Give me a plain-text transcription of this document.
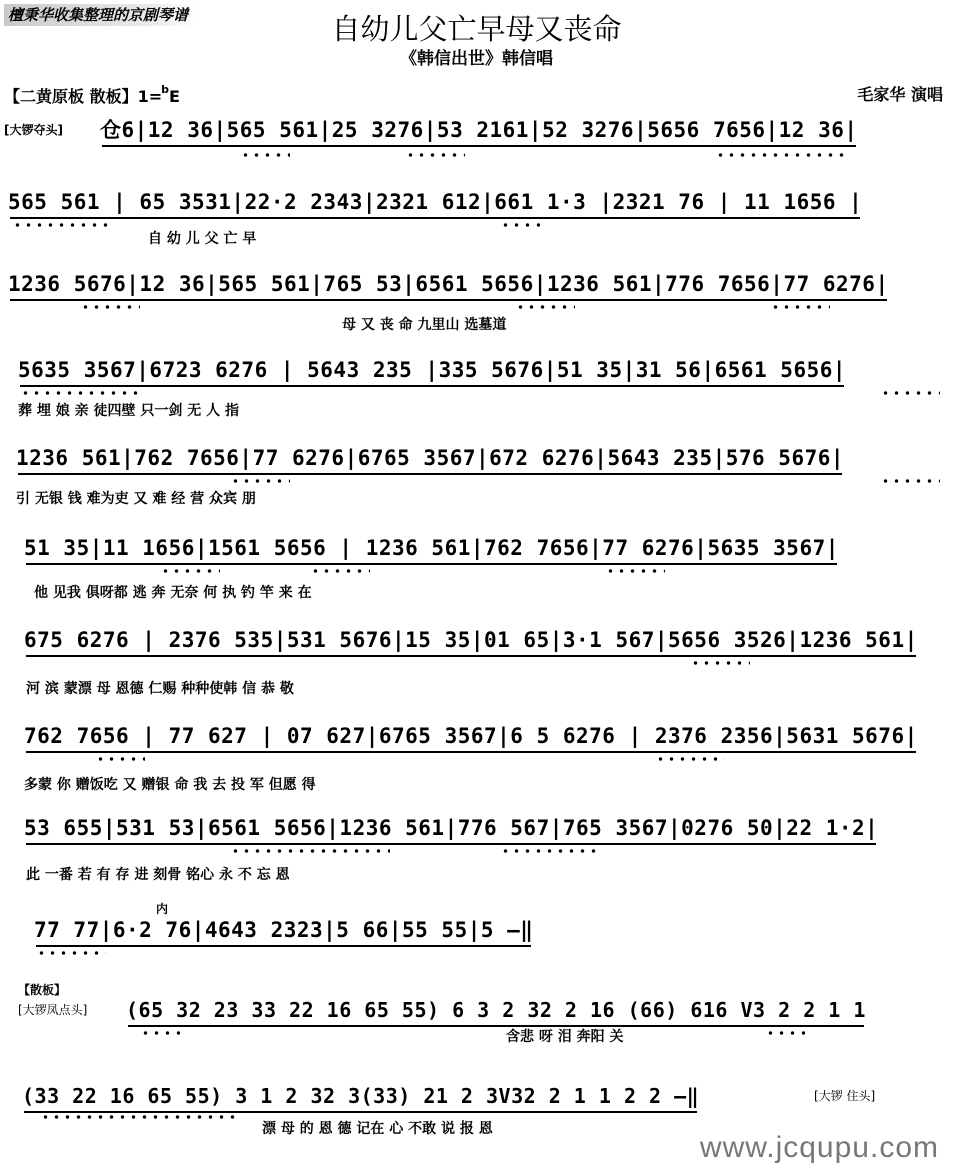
檀秉华收集整理的京剧琴谱	自幼儿父亡早母又丧命
《韩信出世》韩信唱
【二黄原板 散板】1=$^b$E	毛家华 演唱
[大锣夺头] 仓6|12 36|565 561|25 3276|53 2161|52 3276|5656 7656|12 36|
565 561 | 65 3531|22·2 2343|2321 612|661 1·3 |2321 76 | 11 1656 |
自 幼 儿 父 亡 早
1236 5676|12 36|565 561|765 53|6561 5656|1236 561|776 7656|77 6276|
母 又 丧 命 九里山 选墓道
5635 3567|6723 6276 | 5643 235 |335 5676|51 35|31 56|6561 5656|
葬 埋 娘 亲 徒四壁 只一剑 无 人 指
1236 561|762 7656|77 6276|6765 3567|672 6276|5643 235|576 5676|
引 无银 钱 难为吏 又 难 经 营 众宾 朋
51 35|11 1656|1561 5656 | 1236 561|762 7656|77 6276|5635 3567|
他 见我 俱呀都 逃 奔 无奈 何 执 钓 竿 来 在
675 6276 | 2376 535|531 5676|15 35|01 65|3·1 567|5656 3526|1236 561|
河 滨 蒙漂 母 恩德 仁赐 种种使韩 信 恭 敬
762 7656 | 77 627 | 07 627|6765 3567|6 5 6276 | 2376 2356|5631 5676|
多蒙 你 赠饭吃 又 赠银 命 我 去 投 军 但愿 得
53 655|531 53|6561 5656|1236 561|776 567|765 3567|0276 50|22 1·2|
此 一番 若 有 存 进 刻骨 铭心 永 不 忘 恩
内
77 77|6·2 76|4643 2323|5 66|55 55|5 –‖
【散板】
[大锣凤点头] (65 32 23 33 22 16 65 55) 6 3 2 32 2 16 (66) 616 V3 2 2 1 1
含悲 呀 泪 奔阳 关
(33 22 16 65 55) 3 1 2 32 3(33) 21 2 3V32 2 1 1 2 2 –‖	[大锣 住头]
漂 母 的 恩 德 记在 心 不敢 说 报 恩
www.jcqupu.com
